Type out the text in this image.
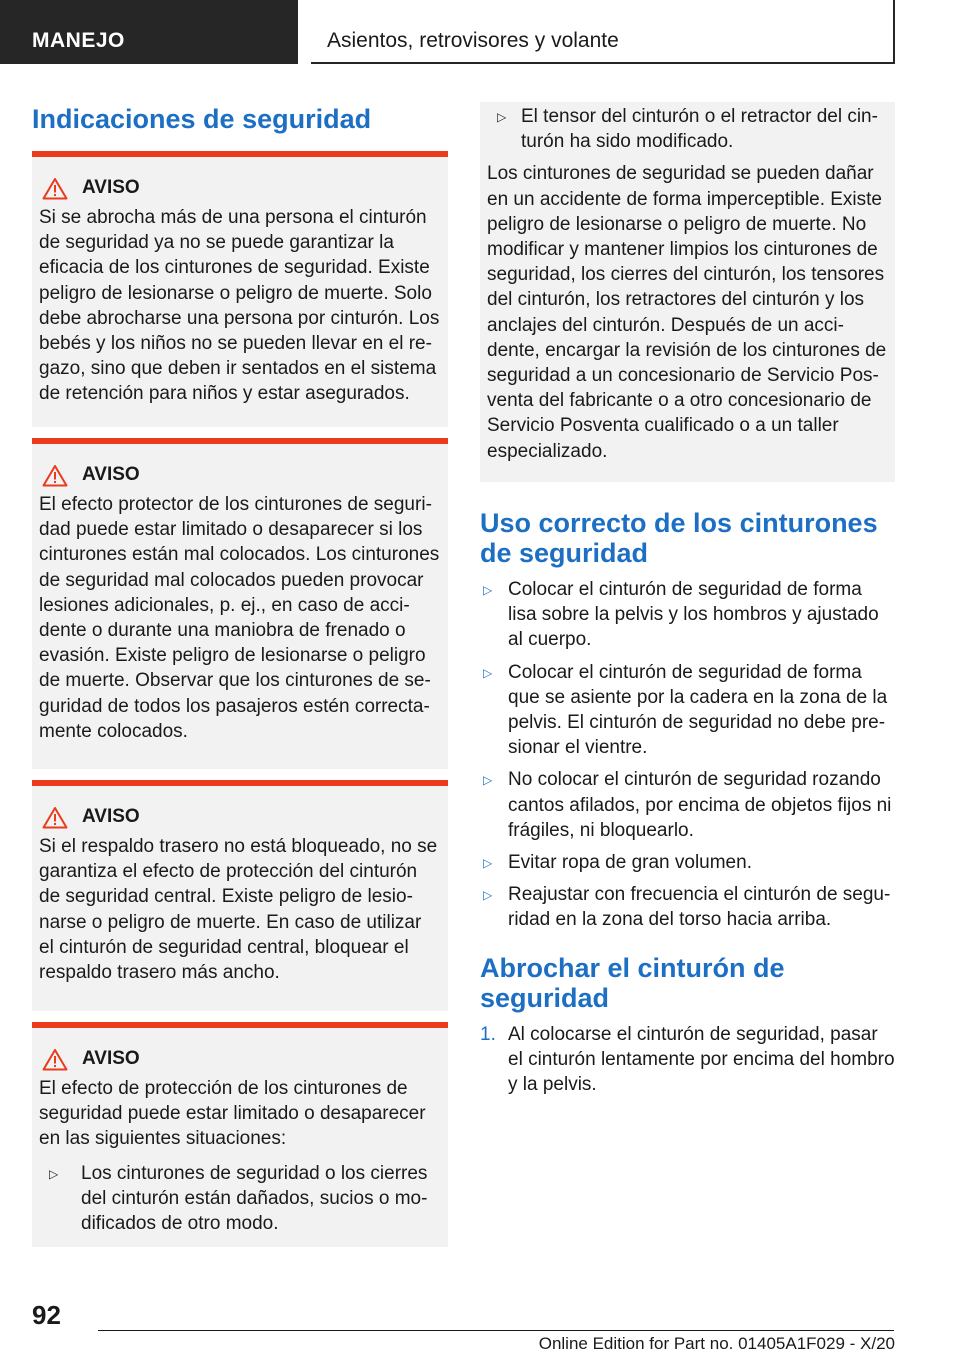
MANEJO	Asientos, retrovisores y volante
Indicaciones de seguridad
AVISO

Si se abrocha más de una persona el cinturón de seguridad ya no se puede garantizar la eficacia de los cinturones de seguridad. Existe peligro de lesionarse o peligro de muerte. Solo debe abrocharse una persona por cinturón. Los bebés y los niños no se pueden llevar en el regazo, sino que deben ir sentados en el sistema de retención para niños y estar asegurados.

AVISO

El efecto protector de los cinturones de seguridad puede estar limitado o desaparecer si los cinturones están mal colocados. Los cinturones de seguridad mal colocados pueden provocar lesiones adicionales, p. ej., en caso de accidente o durante una maniobra de frenado o evasión. Existe peligro de lesionarse o peligro de muerte. Observar que los cinturones de seguridad de todos los pasajeros estén correctamente colocados.

AVISO

Si el respaldo trasero no está bloqueado, no se garantiza el efecto de protección del cinturón de seguridad central. Existe peligro de lesionarse o peligro de muerte. En caso de utilizar el cinturón de seguridad central, bloquear el respaldo trasero más ancho.

AVISO

El efecto de protección de los cinturones de seguridad puede estar limitado o desaparecer en las siguientes situaciones:

▷ Los cinturones de seguridad o los cierres del cinturón están dañados, sucios o modificados de otro modo.
▷ El tensor del cinturón o el retractor del cinturón ha sido modificado.

Los cinturones de seguridad se pueden dañar en un accidente de forma imperceptible. Existe peligro de lesionarse o peligro de muerte. No modificar y mantener limpios los cinturones de seguridad, los cierres del cinturón, los tensores del cinturón, los retractores del cinturón y los anclajes del cinturón. Después de un accidente, encargar la revisión de los cinturones de seguridad a un concesionario de Servicio Posventa del fabricante o a otro concesionario de Servicio Posventa cualificado o a un taller especializado.

Uso correcto de los cinturones de seguridad
▷ Colocar el cinturón de seguridad de forma lisa sobre la pelvis y los hombros y ajustado al cuerpo.
▷ Colocar el cinturón de seguridad de forma que se asiente por la cadera en la zona de la pelvis. El cinturón de seguridad no debe presionar el vientre.
▷ No colocar el cinturón de seguridad rozando cantos afilados, por encima de objetos fijos ni frágiles, ni bloquearlo.
▷ Evitar ropa de gran volumen.
▷ Reajustar con frecuencia el cinturón de seguridad en la zona del torso hacia arriba.
Abrochar el cinturón de seguridad
1. Al colocarse el cinturón de seguridad, pasar el cinturón lentamente por encima del hombro y la pelvis.
92
Online Edition for Part no. 01405A1F029 - X/20
